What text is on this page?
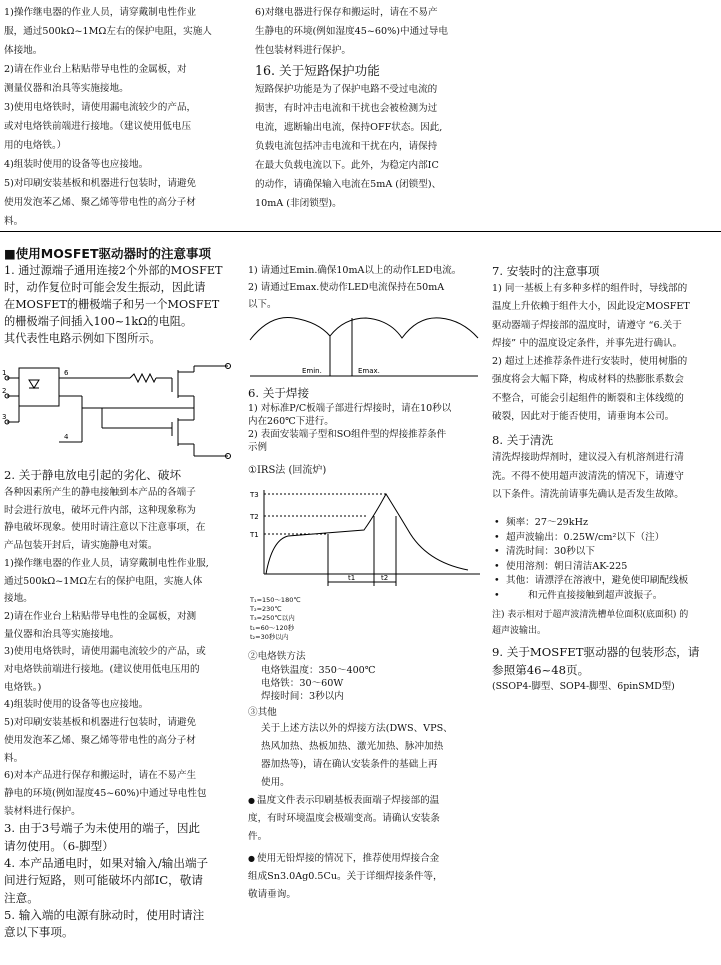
1)操作继电器的作业人员，请穿戴制电性作业

服，通过500kΩ~1MΩ左右的保护电阻，实施人

体接地。

2)请在作业台上粘贴带导电性的金属板，对

测量仪器和治具等实施接地。

3)使用电烙铁时，请使用漏电流较少的产品，

或对电烙铁前端进行接地。（建议使用低电压

用的电烙铁。）

4)组装时使用的设备等也应接地。

5)对印刷安装基板和机器进行包装时，请避免

使用发泡苯乙烯、聚乙烯等带电性的高分子材

料。

6)对继电器进行保存和搬运时，请在不易产

生静电的环境(例如湿度45~60%)中通过导电

性包装材料进行保护。

16. 关于短路保护功能

短路保护功能是为了保护电路不受过电流的

损害，有时冲击电流和干扰也会被检测为过

电流，遮断输出电流，保持OFF状态。因此,

负载电流包括冲击电流和干扰在内，请保持

在最大负载电流以下。此外，为稳定内部IC

的动作，请确保输入电流在5mA (闭锁型)、

10mA (非闭锁型)。

■使用MOSFET驱动器时的注意事项

1. 通过源端子通用连接2个外部的MOSFET

时，动作复位时可能会发生振动，因此请

在MOSFET的栅极端子和另一个MOSFET

的栅极端子间插入100~1kΩ的电阻。

其代表性电路示例如下图所示。

1	6
2
3
4

2. 关于静电放电引起的劣化、破坏

各种因素所产生的静电接触到本产品的各端子

时会进行放电，破坏元件内部，这种现象称为

静电破坏现象。使用时请注意以下注意事项，在

产品包装开封后，请实施静电对策。

1)操作继电器的作业人员，请穿戴制电性作业服,

通过500kΩ~1MΩ左右的保护电阻，实施人体

接地。

2)请在作业台上粘贴带导电性的金属板，对测

量仪器和治具等实施接地。

3)使用电烙铁时，请使用漏电流较少的产品，或

对电烙铁前端进行接地。(建议使用低电压用的

电烙铁。)

4)组装时使用的设备等也应接地。

5)对印刷安装基板和机器进行包装时，请避免

使用发泡苯乙烯、聚乙烯等带电性的高分子材

料。

6)对本产品进行保存和搬运时，请在不易产生

静电的环境(例如湿度45~60%)中通过导电性包

装材料进行保护。

3. 由于3号端子为未使用的端子，因此

请勿使用。（6-脚型）

4. 本产品通电时，如果对输入/输出端子

间进行短路，则可能破坏内部IC，敬请

注意。

5. 输入端的电源有脉动时，使用时请注

意以下事项。

1) 请通过Emin.确保10mA以上的动作LED电流。

2) 请通过Emax.使动作LED电流保持在50mA

以下。

Emin.	Emax.

6. 关于焊接

1) 对标准P/C板端子部进行焊接时，请在10秒以

内在260℃下进行。

2) 表面安装端子型和SO组件型的焊接推荐条件

示例

①IRS法 (回流炉)

T3
T2
T1
t1	t2

T₁=150～180℃

T₂=230℃

T₃=250℃以内

t₁=60～120秒

t₂=30秒以内

②电烙铁方法

电烙铁温度：350～400℃

电烙铁：30～60W

焊接时间：3秒以内

③其他

关于上述方法以外的焊接方法(DWS、VPS、

热风加热、热板加热、激光加热、脉冲加热

器加热等)，请在确认安装条件的基础上再

使用。

● 温度文件表示印刷基板表面端子焊接部的温

度，有时环境温度会极端变高。请确认安装条

件。

● 使用无铅焊接的情况下，推荐使用焊接合金

组成Sn3.0Ag0.5Cu。关于详细焊接条件等，

敬请垂询。

7. 安装时的注意事项

1) 同一基板上有多种多样的组件时，导线部的

温度上升依赖于组件大小，因此设定MOSFET

驱动器端子焊接部的温度时，请遵守 “6.关于

焊接” 中的温度设定条件，并事先进行确认。

2) 超过上述推荐条件进行安装时，使用树脂的

强度将会大幅下降，构成材料的热膨胀系数会

不整合，可能会引起组件的断裂和主体线缆的

破裂，因此对于能否使用，请垂询本公司。

8. 关于清洗

清洗焊接助焊剂时，建议浸入有机溶剂进行清

洗。不得不使用超声波清洗的情况下，请遵守

以下条件。清洗前请事先确认是否发生故障。

• 频率：27～29kHz
• 超声波输出：0.25W/cm²以下（注）
• 清洗时间：30秒以下
• 使用溶剂：朝日清洁AK-225
• 其他：请漂浮在溶液中，避免使印刷配线板
• 和元件直接接触到超声波振子。

注) 表示相对于超声波清洗槽单位面积(底面积) 的

超声波输出。

9. 关于MOSFET驱动器的包装形态，请

参照第46~48页。

(SSOP4-脚型、SOP4-脚型、6pinSMD型)
